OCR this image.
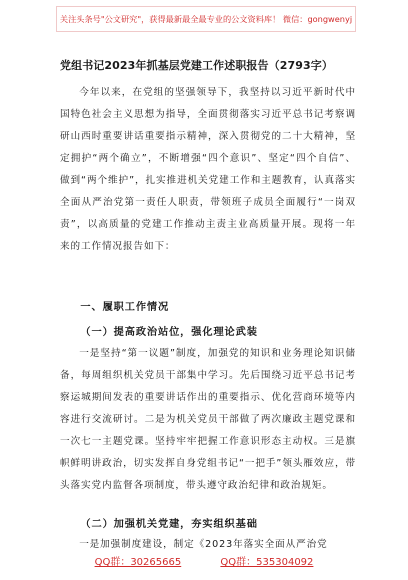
关注头条号"公文研究"，获得最新最全最专业的公文资料库！ 微信：gongwenyj
党组书记2023年抓基层党建工作述职报告（2793字）
今年以来，在党组的坚强领导下，我坚持以习近平新时代中国特色社会主义思想为指导，全面贯彻落实习近平总书记考察调研山西时重要讲话重要指示精神，深入贯彻党的二十大精神，坚定拥护“两个确立”，不断增强“四个意识”、坚定“四个自信”、做到“两个维护”，扎实推进机关党建工作和主题教育，认真落实全面从严治党第一责任人职责，带领班子成员全面履行“一岗双责”，以高质量的党建工作推动主责主业高质量开展。现将一年来的工作情况报告如下：
一、履职工作情况
（一）提高政治站位，强化理论武装
一是坚持“第一议题”制度，加强党的知识和业务理论知识储备，每周组织机关党员干部集中学习。先后围绕习近平总书记考察运城期间发表的重要讲话作出的重要指示、优化营商环境等内容进行交流研讨。二是为机关党员干部做了两次廉政主题党课和一次七一主题党课。坚持牢牢把握工作意识形态主动权。三是旗帜鲜明讲政治，切实发挥自身党组书记“一把手”领头雁效应，带头落实党内监督各项制度，带头遵守政治纪律和政治规矩。
（二）加强机关党建，夯实组织基础
一是加强制度建设，制定《2023年落实全面从严治党
QQ群：30265665	QQ群：535304092
